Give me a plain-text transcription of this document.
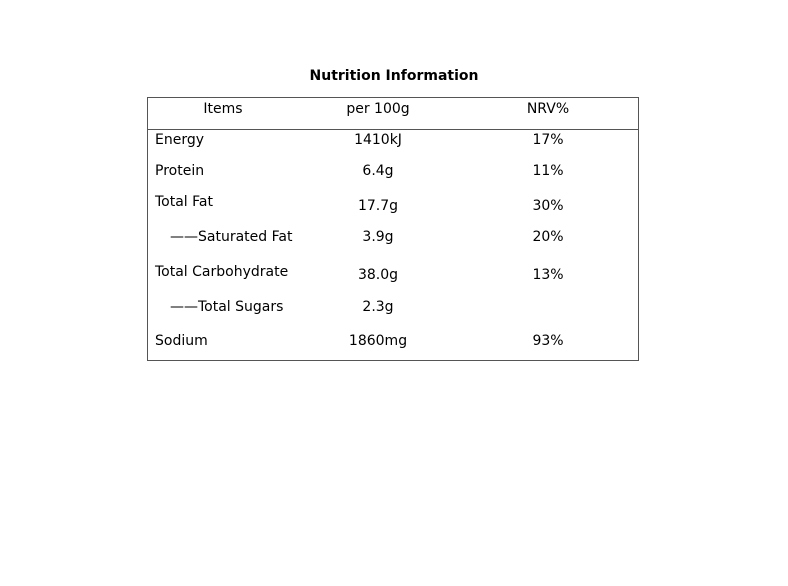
Nutrition Information
Items	per 100g	NRV%
Energy	1410kJ	17%
Protein	6.4g	11%
Total Fat	17.7g	30%
——Saturated Fat	3.9g	20%
Total Carbohydrate	38.0g	13%
——Total Sugars	2.3g
Sodium	1860mg	93%
